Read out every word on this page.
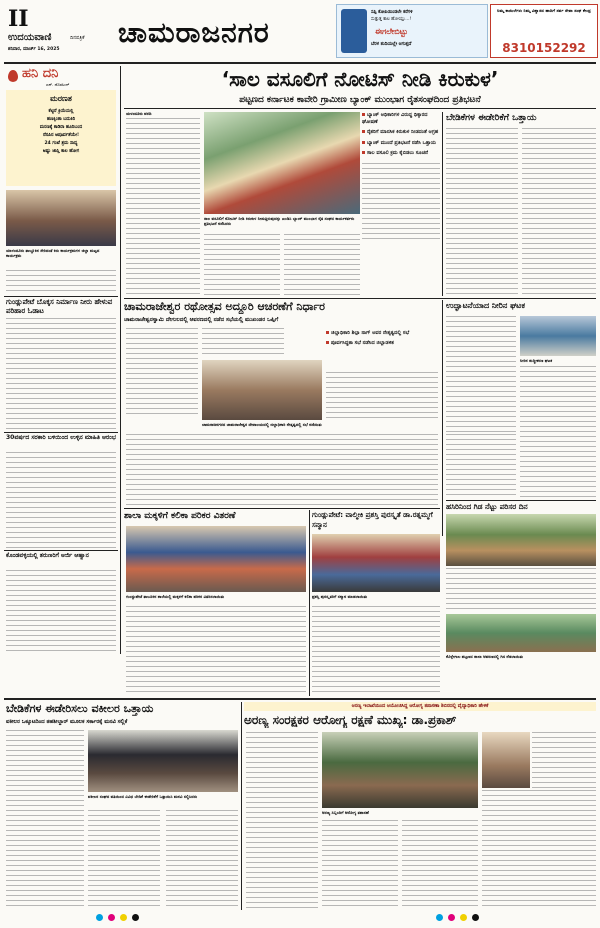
II
ಉದಯವಾಣಿ	ದಿನಪತ್ರಿಕೆ
ಶನಿವಾರ, ಮಾರ್ಚ್ 16, 2025
ಚಾಮರಾಜನಗರ
ಸಪ್ಪಿ ಕೋಪಿಯಿಂಡಲೇ ಕರೆಗಳಿ
ಸುತ್ತುತ್ತ ಕಾಲ ಹೋಯ್ತು...!
ಈಗಲೇಬಿಟ್ಟು
ಬೆರಳ ತುದಿಯಲ್ಲೇ ಆಗುತ್ತದೆ
ನಿಮ್ಮ ಕಾಯಿಲೆಗಳು ನಿಮ್ಮ ವಿಶ್ವಾಸದ ಹಾದಿಗೆ ಸರ್ವ ಸೇವಾ ಸಂಘ ಕೇಂದ್ರ
8310152292
ಹನಿ ದನಿ
ಎನ್. ದೊರಸಿಂಗ್
ಮರಣತ
ಕೆಟ್ಟಿರೆ ಕ್ರಿಯೆಯಲ್ಲಿ
ಹಣಕ್ಕಿಂತಾ ಬದುಕಿರಿ
ಮರಣಕ್ಕೆ ಕಾಡಿರಾ ಹೂರಿಬಂದ
ನೆನಪಿನ ಅಪೂರ್ವತೆಯೇ!
24 ಗಂಟೆ ಶ್ರಮ ಸಾಧ್ಯ
ಅಷ್ಟು ಜಾಸ್ತಿ ಕಾಲ ಹೋಗ
ಯಾಳಂದೂರು ತಾಲ್ಲೂಕಿನ ಸೇರಿದಂತೆ ಕಿರು ಕಾರ್ಯಕ್ರಮಗಳ ಜಿಲ್ಲಾ ಮಟ್ಟದ ಕಾರ್ಯಕ್ರಮ
ಗುಂಡ್ಲುಪೇಟೆ ಬೊಕ್ಕಸ ನಿರ್ಮಾಣ ನೀರು ಹೇಳುವ ಪರಿಹಾರ ಓಡಾಟ
30ವರ್ಷದ ಸರಕಾರಿ ಬಳಿಯಿಂದ ಉಳ್ಳಿನ ಮಾಹಿತಿ ಆರಂಭ
ಕೊಂಡವಳ್ಳಿಯಲ್ಲಿ ತರುಣರಿಗೆ ಅರ್ಜಿ ಆಹ್ವಾನ
‘ಸಾಲ ವಸೂಲಿಗೆ ನೋಟಿಸ್ ನೀಡಿ ಕಿರುಕುಳ’
ಪಟ್ಟಣದ ಕರ್ನಾಟಕ ಕಾವೇರಿ ಗ್ರಾಮೀಣ ಬ್ಯಾಂಕ್ ಮುಂಭಾಗ ರೈತಸಂಘದಿಂದ ಪ್ರತಿಭಟನೆ
ಯಳಂದೂರು ವರದಿ
ಸಾಲ ವಸೂಲಿಗೆ ನೋಟಿಸ್ ನೀಡಿ ಕಿರುಕುಳ ನೀಡುತ್ತಿರುವುದನ್ನು ಖಂಡಿಸಿ ಬ್ಯಾಂಕ್ ಮುಂಭಾಗ ರೈತ ಸಂಘದ ಕಾರ್ಯಕರ್ತರು ಪ್ರತಿಭಟನೆ ನಡೆಸಿದರು
ಬ್ಯಾಂಕ್ ಅಧಿಕಾರಿಗಳ ವಿರುದ್ಧ ಧಿಕ್ಕಾರದ ಘೋಷಣೆ
ರೈತರಿಗೆ ಮಾನಸಿಕ ಕಿರುಕುಳ ನೀಡದಂತೆ ಆಗ್ರಹ
ಬ್ಯಾಂಕ್ ಮುಂದೆ ಪ್ರತಿಭಟನೆ ನಡೆಸಿ ಒತ್ತಾಯ
ಸಾಲ ವಸೂಲಿ ಕ್ರಮ ಕೈಬಿಡಲು ಸೂಚನೆ
ಬೇಡಿಕೆಗಳ ಈಡೇರಿಕೆಗೆ ಒತ್ತಾಯ
ಚಾಮರಾಜೇಶ್ವರ ರಥೋತ್ಸವ ಅದ್ದೂರಿ ಆಚರಣೆಗೆ ನಿರ್ಧಾರ
ಚಾಮರಾಜೇಶ್ವರಸ್ವಾಮಿ ದೇಗುಲದಲ್ಲಿ ಆವರಣದಲ್ಲಿ ನಡೆದ ಸಭೆಯಲ್ಲಿ ಮುಖಂಡರ ಒಪ್ಪಿಗೆ
ಚಾಮರಾಜನಗರದ ಚಾಮರಾಜೇಶ್ವರ ದೇವಾಲಯದಲ್ಲಿ ಜಿಲ್ಲಾಧಿಕಾರಿ ನೇತೃತ್ವದಲ್ಲಿ ಸಭೆ ನಡೆಯಿತು
ಜಿಲ್ಲಾಧಿಕಾರಿ ಶಿಲ್ಪಾ ನಾಗ್ ಅವರ ನೇತೃತ್ವದಲ್ಲಿ ಸಭೆ
ಪೂರ್ವಸಿದ್ಧತಾ ಸಭೆ ನಡೆಸಿದ ಜಿಲ್ಲಾಡಳಿತ
ಉದ್ಘಾಟನೆಯಾದ ನೀರಿನ ಘಟಕ
ನೀರಿನ ಶುದ್ಧೀಕರಣ ಘಟಕ
ಹಸಿರಿನಿಂದ ಗಿಡ ನೆಟ್ಟು ಪರಿಸರ ದಿನ
ಕೊಳ್ಳೇಗಾಲ ಪಟ್ಟಣದ ಶಾಲಾ ಆವರಣದಲ್ಲಿ ಗಿಡ ನೆಡಲಾಯಿತು
ಶಾಲಾ ಮಕ್ಕಳಿಗೆ ಕಲಿಕಾ ಪರಿಕರ ವಿತರಣೆ
ಗುಂಡ್ಲುಪೇಟೆ ತಾಲೂಕಿನ ಶಾಲೆಯಲ್ಲಿ ಮಕ್ಕಳಿಗೆ ಕಲಿಕಾ ಪರಿಕರ ವಿತರಿಸಲಾಯಿತು
ಗುಂಡ್ಲುಪೇಟೆ: ವಾಲ್ಮೀಕಿ ಪ್ರಶಸ್ತಿ ಪುರಸ್ಕೃತೆ ಡಾ.ರತ್ನಮ್ಮಗೆ ಸನ್ಮಾನ
ಪ್ರಶಸ್ತಿ ಪುರಸ್ಕೃತರಿಗೆ ಸನ್ಮಾನ ಮಾಡಲಾಯಿತು
ಬೇಡಿಕೆಗಳ ಈಡೇರಿಸಲು ವಕೀಲರ ಒತ್ತಾಯ
ವಕೀಲರ ಒಕ್ಕೂಟದಿಂದ ತಹಶೀಲ್ದಾರ್ ಮೂಲಕ ಸರ್ಕಾರಕ್ಕೆ ಮನವಿ ಸಲ್ಲಿಕೆ
ವಕೀಲರ ಸಂಘದ ವತಿಯಿಂದ ವಿವಿಧ ಬೇಡಿಕೆ ಈಡೇರಿಕೆಗೆ ಒತ್ತಾಯಿಸಿ ಮನವಿ ಸಲ್ಲಿಸಿದರು
ಅರಣ್ಯ ಇಲಾಖೆಯಿಂದ ಆಯೋಜಿಸಿದ್ದ ಆರೋಗ್ಯ ತಪಾಸಣಾ ಶಿಬಿರದಲ್ಲಿ ವೈದ್ಯಾಧಿಕಾರಿ ಹೇಳಿಕೆ
ಅರಣ್ಯ ಸಂರಕ್ಷಕರ ಆರೋಗ್ಯ ರಕ್ಷಣೆ ಮುಖ್ಯ: ಡಾ.ಪ್ರಕಾಶ್
ಅರಣ್ಯ ಸಿಬ್ಬಂದಿಗೆ ಆರೋಗ್ಯ ತಪಾಸಣೆ
